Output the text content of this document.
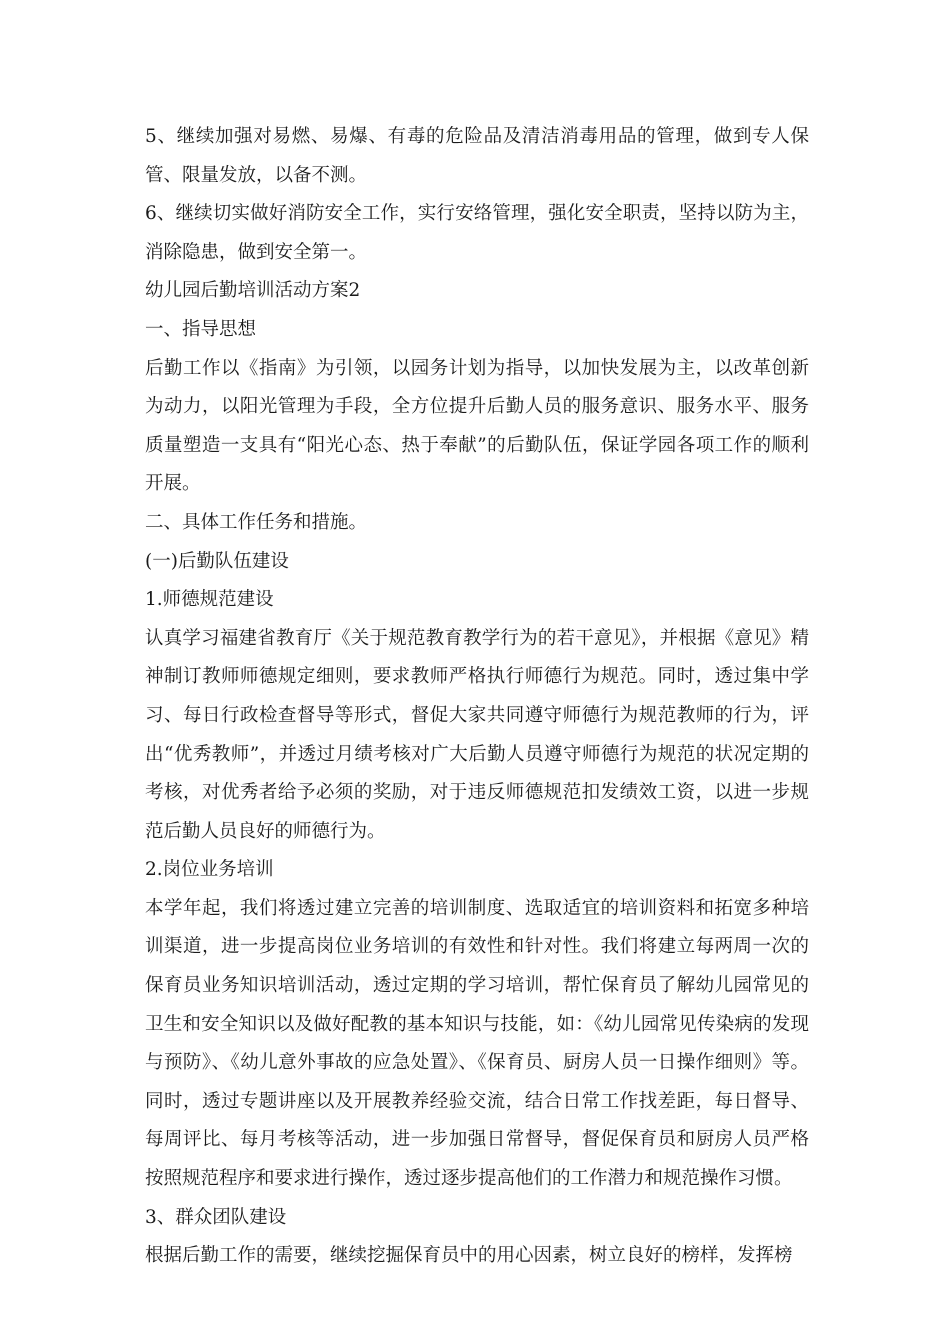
5、继续加强对易燃、易爆、有毒的危险品及清洁消毒用品的管理，做到专人保管、限量发放，以备不测。

6、继续切实做好消防安全工作，实行安络管理，强化安全职责，坚持以防为主，消除隐患，做到安全第一。

幼儿园后勤培训活动方案2

一、指导思想

后勤工作以《指南》为引领，以园务计划为指导，以加快发展为主，以改革创新为动力，以阳光管理为手段，全方位提升后勤人员的服务意识、服务水平、服务质量塑造一支具有“阳光心态、热于奉献”的后勤队伍，保证学园各项工作的顺利开展。

二、具体工作任务和措施。

(一)后勤队伍建设

1.师德规范建设

认真学习福建省教育厅《关于规范教育教学行为的若干意见》，并根据《意见》精神制订教师师德规定细则，要求教师严格执行师德行为规范。同时，透过集中学习、每日行政检查督导等形式，督促大家共同遵守师德行为规范教师的行为，评出“优秀教师”，并透过月绩考核对广大后勤人员遵守师德行为规范的状况定期的考核，对优秀者给予必须的奖励，对于违反师德规范扣发绩效工资，以进一步规范后勤人员良好的师德行为。

2.岗位业务培训

本学年起，我们将透过建立完善的培训制度、选取适宜的培训资料和拓宽多种培训渠道，进一步提高岗位业务培训的有效性和针对性。我们将建立每两周一次的保育员业务知识培训活动，透过定期的学习培训，帮忙保育员了解幼儿园常见的卫生和安全知识以及做好配教的基本知识与技能，如：《幼儿园常见传染病的发现与预防》、《幼儿意外事故的应急处置》、《保育员、厨房人员一日操作细则》等。同时，透过专题讲座以及开展教养经验交流，结合日常工作找差距，每日督导、每周评比、每月考核等活动，进一步加强日常督导，督促保育员和厨房人员严格按照规范程序和要求进行操作，透过逐步提高他们的工作潜力和规范操作习惯。

3、群众团队建设

根据后勤工作的需要，继续挖掘保育员中的用心因素，树立良好的榜样，发挥榜
